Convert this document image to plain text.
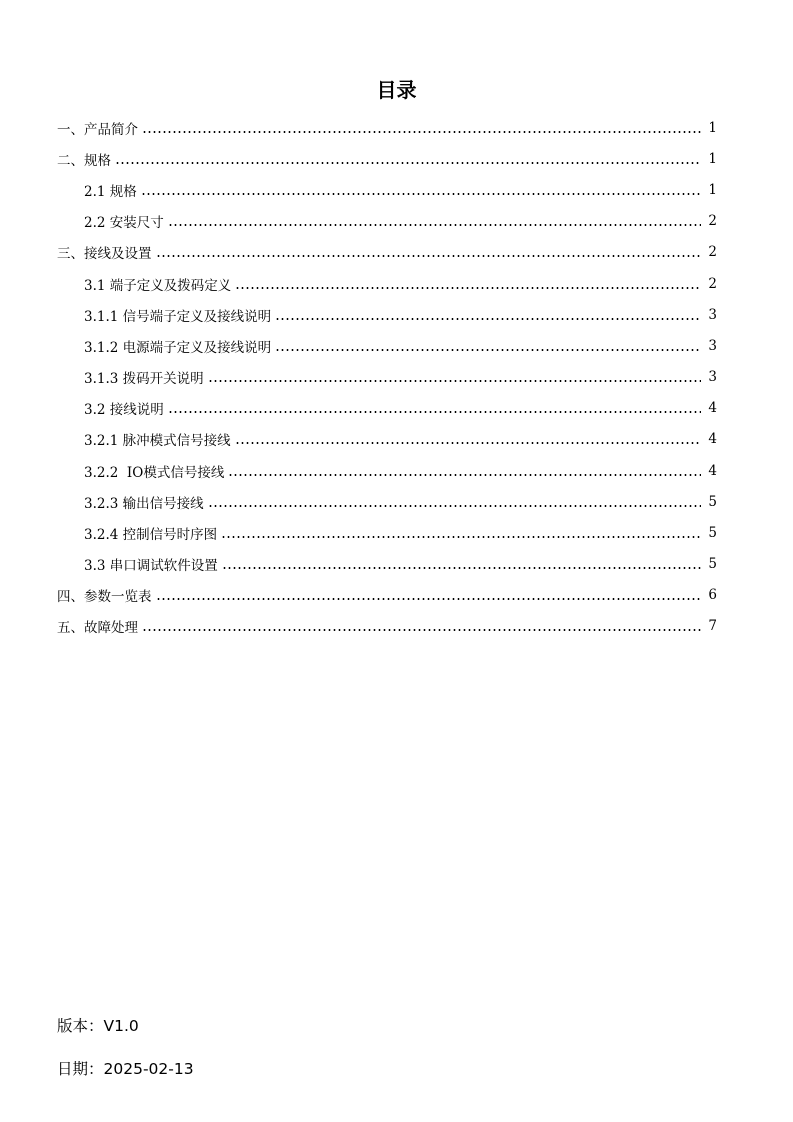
目录
一、产品简介	1
二、规格	1
2.1 规格	1
2.2 安装尺寸	2
三、接线及设置	2
3.1 端子定义及拨码定义	2
3.1.1 信号端子定义及接线说明	3
3.1.2 电源端子定义及接线说明	3
3.1.3 拨码开关说明	3
3.2 接线说明	4
3.2.1 脉冲模式信号接线	4
3.2.2  IO模式信号接线	4
3.2.3 输出信号接线	5
3.2.4 控制信号时序图	5
3.3 串口调试软件设置	5
四、参数一览表	6
五、故障处理	7
版本：V1.0
日期：2025-02-13
